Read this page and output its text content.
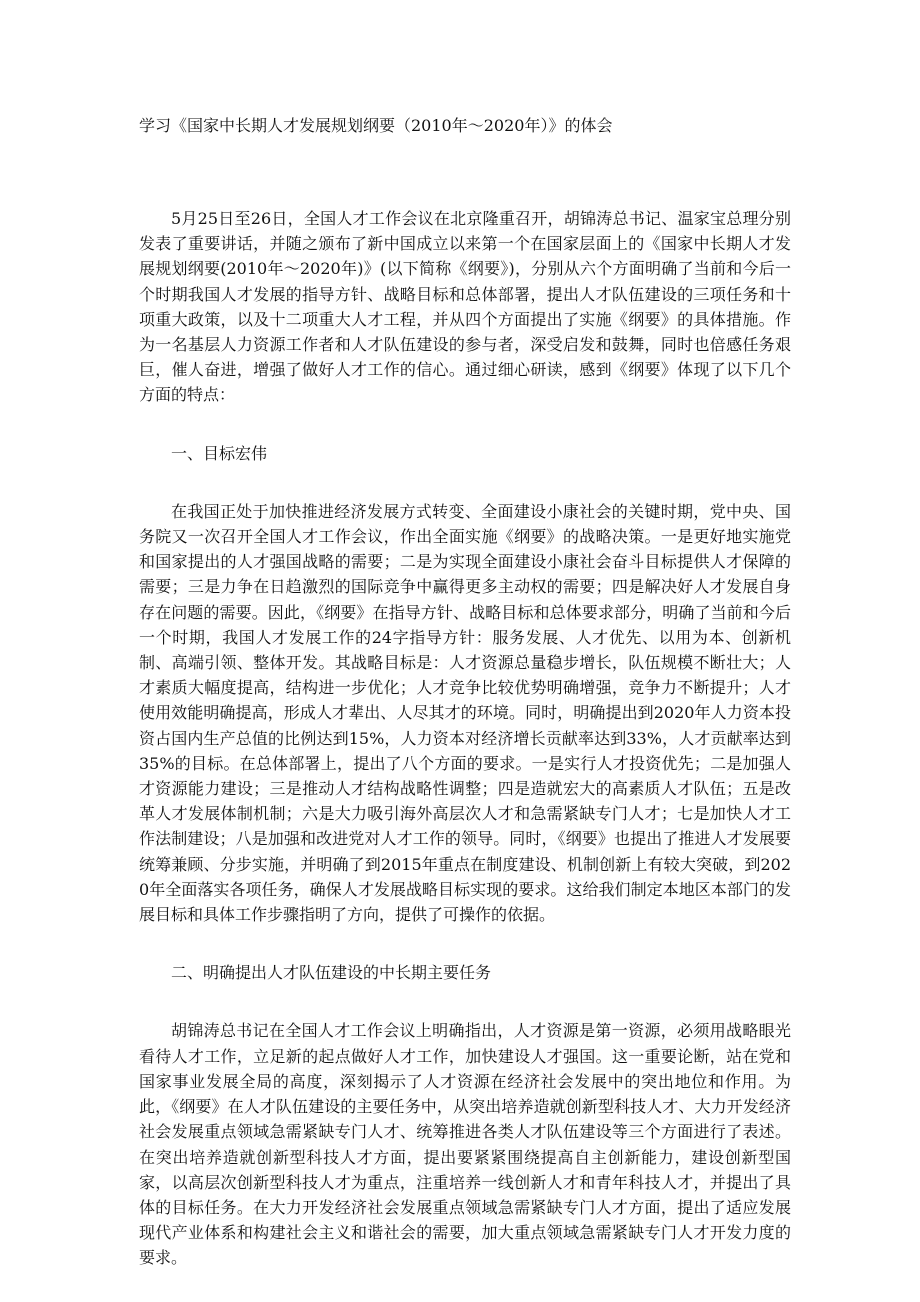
学习《国家中长期人才发展规划纲要（2010年～2020年）》的体会

5月25日至26日，全国人才工作会议在北京隆重召开，胡锦涛总书记、温家宝总理分别发表了重要讲话，并随之颁布了新中国成立以来第一个在国家层面上的《国家中长期人才发展规划纲要(2010年～2020年)》(以下简称《纲要》)，分别从六个方面明确了当前和今后一个时期我国人才发展的指导方针、战略目标和总体部署，提出人才队伍建设的三项任务和十项重大政策，以及十二项重大人才工程，并从四个方面提出了实施《纲要》的具体措施。作为一名基层人力资源工作者和人才队伍建设的参与者，深受启发和鼓舞，同时也倍感任务艰巨，催人奋进，增强了做好人才工作的信心。通过细心研读，感到《纲要》体现了以下几个方面的特点：

一、目标宏伟

在我国正处于加快推进经济发展方式转变、全面建设小康社会的关键时期，党中央、国务院又一次召开全国人才工作会议，作出全面实施《纲要》的战略决策。一是更好地实施党和国家提出的人才强国战略的需要；二是为实现全面建设小康社会奋斗目标提供人才保障的需要；三是力争在日趋激烈的国际竞争中赢得更多主动权的需要；四是解决好人才发展自身存在问题的需要。因此，《纲要》在指导方针、战略目标和总体要求部分，明确了当前和今后一个时期，我国人才发展工作的24字指导方针：服务发展、人才优先、以用为本、创新机制、高端引领、整体开发。其战略目标是：人才资源总量稳步增长，队伍规模不断壮大；人才素质大幅度提高，结构进一步优化；人才竞争比较优势明确增强，竞争力不断提升；人才使用效能明确提高，形成人才辈出、人尽其才的环境。同时，明确提出到2020年人力资本投资占国内生产总值的比例达到15%，人力资本对经济增长贡献率达到33%，人才贡献率达到35%的目标。在总体部署上，提出了八个方面的要求。一是实行人才投资优先；二是加强人才资源能力建设；三是推动人才结构战略性调整；四是造就宏大的高素质人才队伍；五是改革人才发展体制机制；六是大力吸引海外高层次人才和急需紧缺专门人才；七是加快人才工作法制建设；八是加强和改进党对人才工作的领导。同时，《纲要》也提出了推进人才发展要统筹兼顾、分步实施，并明确了到2015年重点在制度建设、机制创新上有较大突破，到2020年全面落实各项任务，确保人才发展战略目标实现的要求。这给我们制定本地区本部门的发展目标和具体工作步骤指明了方向，提供了可操作的依据。

二、明确提出人才队伍建设的中长期主要任务

胡锦涛总书记在全国人才工作会议上明确指出，人才资源是第一资源，必须用战略眼光看待人才工作，立足新的起点做好人才工作，加快建设人才强国。这一重要论断，站在党和国家事业发展全局的高度，深刻揭示了人才资源在经济社会发展中的突出地位和作用。为此，《纲要》在人才队伍建设的主要任务中，从突出培养造就创新型科技人才、大力开发经济社会发展重点领域急需紧缺专门人才、统筹推进各类人才队伍建设等三个方面进行了表述。在突出培养造就创新型科技人才方面，提出要紧紧围绕提高自主创新能力，建设创新型国家，以高层次创新型科技人才为重点，注重培养一线创新人才和青年科技人才，并提出了具体的目标任务。在大力开发经济社会发展重点领域急需紧缺专门人才方面，提出了适应发展现代产业体系和构建社会主义和谐社会的需要，加大重点领域急需紧缺专门人才开发力度的要求。
